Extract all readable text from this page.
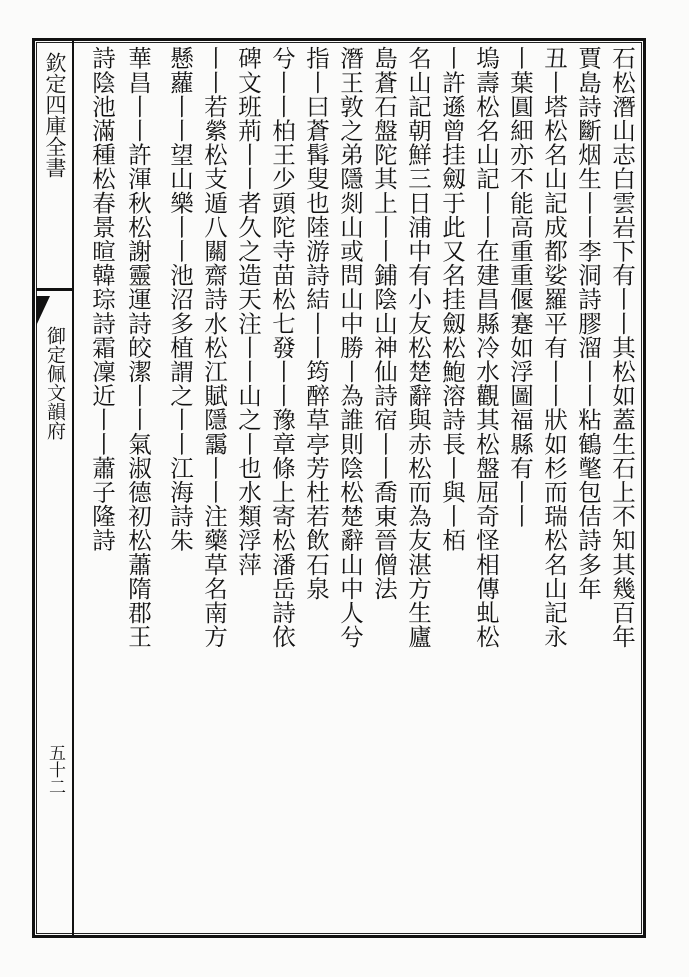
欽定四庫全書
御定佩文韻府
五十二
石松潛山志白雲岩下有丨丨其松如蓋生石上不知其幾百年
賈島詩斷烟生丨丨李洞詩膠溜丨丨粘鶴氅包佶詩多年
丑丨塔松名山記成都娑羅平有丨丨狀如杉而瑞松名山記永
丨葉圓細亦不能高重重偃蹇如浮圖福縣有丨丨
塢壽松名山記丨丨在建昌縣冷水觀其松盤屈奇怪相傳虬松
丨許遜曾挂劔于此又名挂劔松鮑溶詩長丨與丨栢
名山記朝鮮三日浦中有小友松楚辭與赤松而為友湛方生廬
島蒼石盤陀其上丨丨鋪陰山神仙詩宿丨丨喬東晉僧法
潛王敦之弟隱剡山或問山中勝丨為誰則陰松楚辭山中人兮
指丨曰蒼髯叟也陸游詩結丨丨筠醉草亭芳杜若飲石泉
兮丨丨柏王少頭陀寺苗松七發丨丨豫章條上寄松潘岳詩依
碑文班荊丨丨者久之造天注丨丨山之丨也水類浮萍
丨丨若縈松支遁八關齋詩水松江賦隱靄丨丨注藥草名南方
懸蘿丨丨望山樂丨丨池沼多植謂之丨丨江海詩朱
華昌丨丨許渾秋松謝靈運詩皎潔丨丨氣淑德初松蕭隋郡王
詩陰池滿種松春景暄韓琮詩霜凜近丨丨蕭子隆詩
